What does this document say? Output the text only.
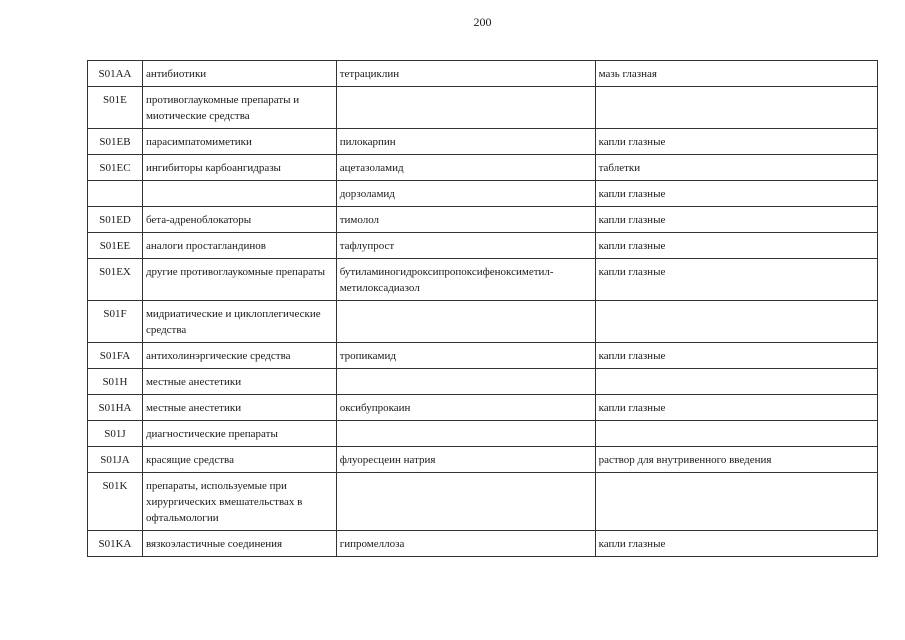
200
S01AA	антибиотики	тетрациклин	мазь глазная
S01E	противоглаукомные препараты и миотические средства		
S01EB	парасимпатомиметики	пилокарпин	капли глазные
S01EC	ингибиторы карбоангидразы	ацетазоламид	таблетки
		дорзоламид	капли глазные
S01ED	бета-адреноблокаторы	тимолол	капли глазные
S01EE	аналоги простагландинов	тафлупрост	капли глазные
S01EX	другие противоглаукомные препараты	бутиламиногидроксипропоксифеноксиметил-метилоксадиазол	капли глазные
S01F	мидриатические и циклоплегические средства		
S01FA	антихолинэргические средства	тропикамид	капли глазные
S01H	местные анестетики		
S01HA	местные анестетики	оксибупрокаин	капли глазные
S01J	диагностические препараты		
S01JA	красящие средства	флуоресцеин натрия	раствор для внутривенного введения
S01K	препараты, используемые при хирургических вмешательствах в офтальмологии		
S01KA	вязкоэластичные соединения	гипромеллоза	капли глазные
